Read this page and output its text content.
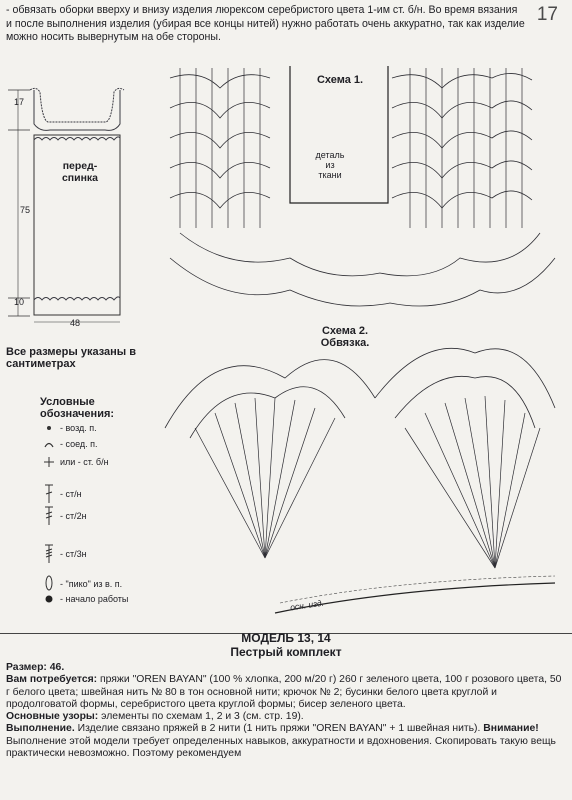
- обвязать оборки вверху и внизу изделия люрексом серебристого цвета 1-им ст. б/н. Во время вязания и после выполнения изделия (убирая все концы нитей) нужно работать очень аккуратно, так как изделие можно носить вывернутым на обе стороны.
17
17
75
10
48
перед-
спинка
Все размеры указаны в сантиметрах
Схема 1.
деталь
из
ткани
Схема 2.
Обвязка.
осн. изд.
Условные
обозначения:
- возд. п.
- соед. п.
или - ст. б/н
- ст/н
- ст/2н
- ст/3н
- "пико" из в. п.
- начало работы
МОДЕЛЬ 13, 14
Пестрый комплект
Размер: 46.
Вам потребуется: пряжи "OREN BAYAN" (100 % хлопка, 200 м/20 г) 260 г зеленого цвета, 100 г розового цвета, 50 г белого цвета; швейная нить № 80 в тон основной нити; крючок № 2; бусинки белого цвета круглой и продолговатой формы, серебристого цвета круглой формы; бисер зеленого цвета.
Основные узоры: элементы по схемам 1, 2 и 3 (см. стр. 19).
Выполнение. Изделие связано пряжей в 2 нити (1 нить пряжи "OREN BAYAN" + 1 швейная нить). Внимание! Выполнение этой модели требует определенных навыков, аккуратности и вдохновения. Скопировать такую вещь практически невозможно. Поэтому рекомендуем
